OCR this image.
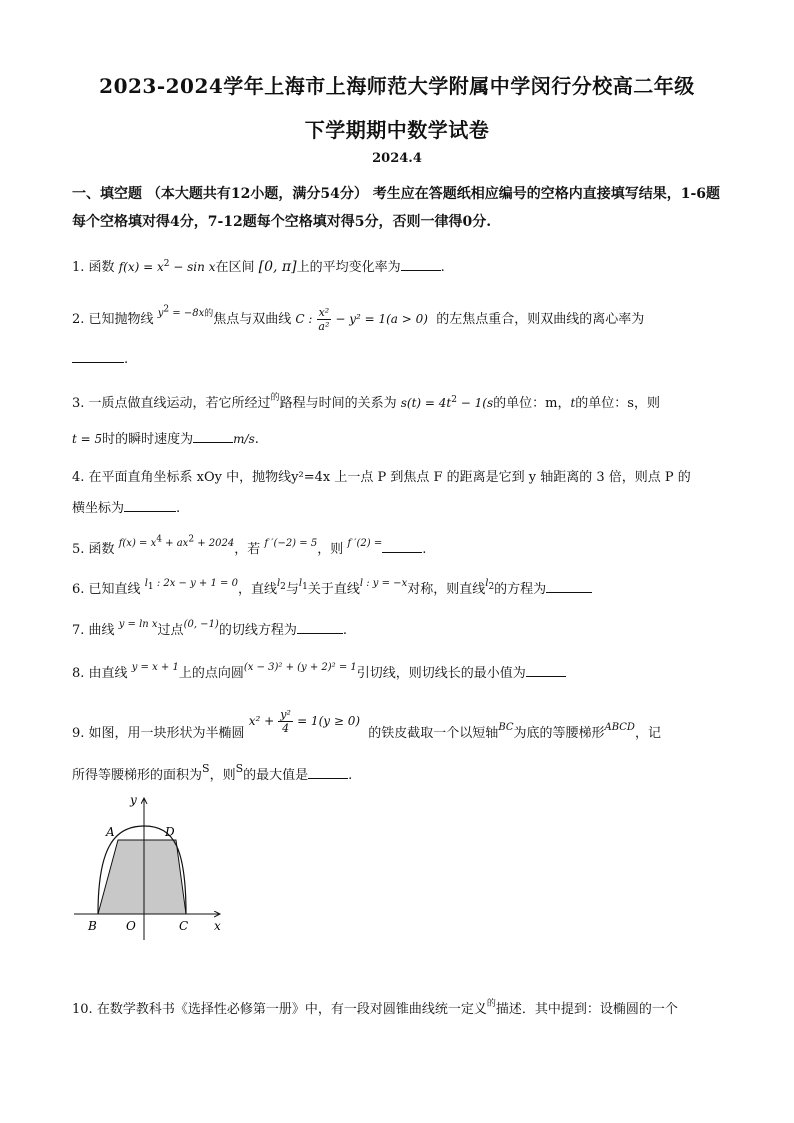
2023-2024学年上海市上海师范大学附属中学闵行分校高二年级
下学期期中数学试卷
2024.4
一、填空题 （本大题共有12小题，满分54分） 考生应在答题纸相应编号的空格内直接填写结果，1-6题每个空格填对得4分，7-12题每个空格填对得5分，否则一律得0分.
1. 函数 $f(x) = x^2 - \sin x$在区间 [0, π]上的平均变化率为	.
2. 已知抛物线 $^{y2 = -8x的}$焦点与双曲线 C : $\frac{\text{x²}}{\text{a²}} - y^2 = 1(a > 0)$ 的左焦点重合，则双曲线的离心率为
.
3. 一质点做直线运动，若它所经过$^的$路程与时间的关系为 $s(t) = 4t^2 - 1(s$的单位：m，t的单位：s，则
t = 5时的瞬时速度为	m/s.
4. 在平面直角坐标系 xOy 中，抛物线y²=4x 上一点 P 到焦点 F 的距离是它到 y 轴距离的 3 倍，则点 P 的
横坐标为	.
5. 函数 $^{f(x) = x4 + ax2 + 2024}$，若 $^{f '(-2) = 5}$，则 $^{f '(2) =}$	.
6. 已知直线 $^{l1 : 2x - y + 1 = 0}$，直线$^{l2}$与$^{l1}$关于直线$^{l : y = -x}$对称，则直线$^{l2}$的方程为
7. 曲线 $^{y = ln x}$过点$^{(0, -1)}$的切线方程为	.
8. 由直线 $^{y = x + 1}$上的点向圆$^{(x - 3)^2 + (y + 2)^2 = 1}$引切线，则切线长的最小值为
9. 如图，用一块形状为半椭圆 $x^2 + \frac{\text{y²}}{4} = 1(y \ge 0)$  的铁皮截取一个以短轴$^{BC}$为底的等腰梯形$^{ABCD}$，记
所得等腰梯形的面积为$^S$，则$^S$的最大值是	.
y
x
A	D
B O	C
10. 在数学教科书《选择性必修第一册》中，有一段对圆锥曲线统一定义$^的$描述．其中提到：设椭圆的一个
